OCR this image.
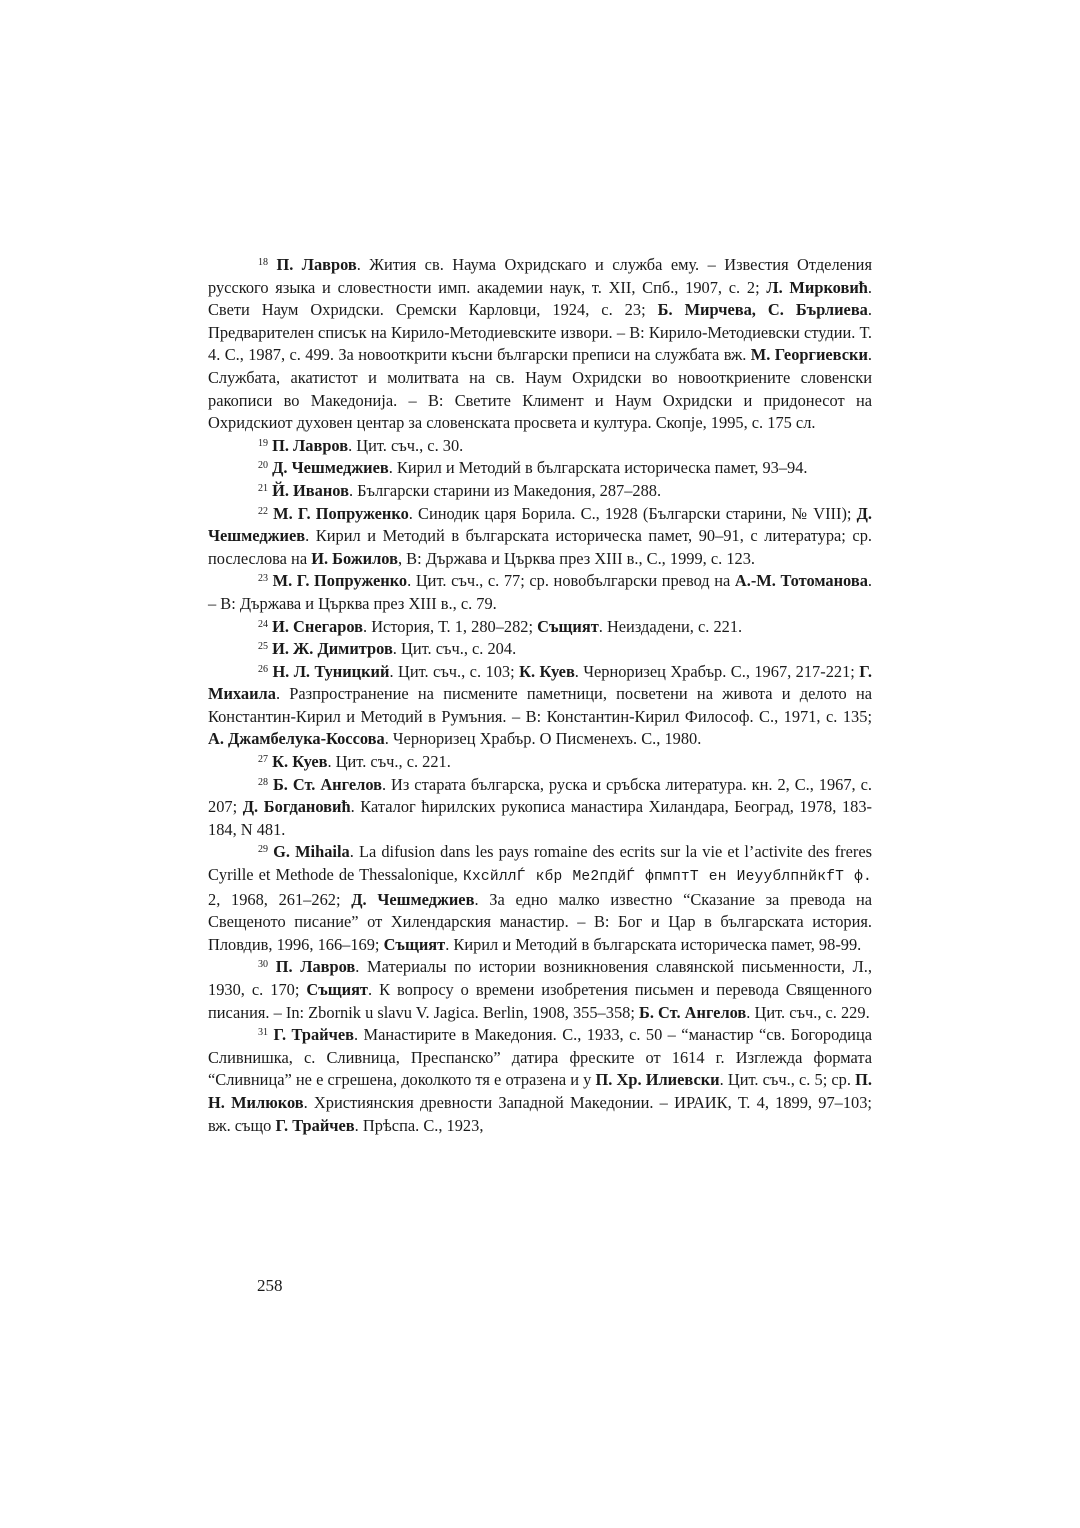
$^{18}$ П. Лавров. Жития св. Наума Охридскаго и служба ему. – Известия Отделения русского языка и словестности имп. академии наук, т. XII, Спб., 1907, с. 2; Л. Мирковић. Свети Наум Охридски. Сремски Карловци, 1924, с. 23; Б. Мирчева, С. Бърлиева. Предварителен списък на Кирило-Методиевските извори. – В: Кирило-Методиевски студии. Т. 4. С., 1987, с. 499. За новооткрити късни български преписи на службата вж. М. Георгиевски. Службата, акатистот и молитвата на св. Наум Охридски во новооткриените словенски ракописи во Македонија. – В: Светите Климент и Наум Охридски и придонесот на Охридскиот духовен центар за словенската просвета и култура. Скопје, 1995, с. 175 сл.

$^{19}$ П. Лавров. Цит. съч., с. 30.

$^{20}$ Д. Чешмеджиев. Кирил и Методий в българската историческа памет, 93–94.

$^{21}$ Й. Иванов. Български старини из Македония, 287–288.

$^{22}$ М. Г. Попруженко. Синодик царя Борила. С., 1928 (Български старини, № VIII); Д. Чешмеджиев. Кирил и Методий в българската историческа памет, 90–91, с литература; ср. послеслова на И. Божилов, В: Държава и Църква през XIII в., С., 1999, с. 123.

$^{23}$ М. Г. Попруженко. Цит. съч., с. 77; ср. новобългарски превод на А.-М. Тотоманова. – В: Държава и Църква през XIII в., с. 79.

$^{24}$ И. Снегаров. История, Т. 1, 280–282; Същият. Неиздадени, с. 221.

$^{25}$ И. Ж. Димитров. Цит. съч., с. 204.

$^{26}$ Н. Л. Туницкий. Цит. съч., с. 103; К. Куев. Черноризец Храбър. С., 1967, 217-221; Г. Михаила. Разпространение на писмените паметници, посветени на живота и делото на Константин-Кирил и Методий в Румъния. – В: Константин-Кирил Философ. С., 1971, с. 135; А. Джамбелука-Коссова. Черноризец Храбър. О Писменехъ. С., 1980.

$^{27}$ К. Куев. Цит. съч., с. 221.

$^{28}$ Б. Ст. Ангелов. Из старата българска, руска и сръбска литература. кн. 2, С., 1967, с. 207; Д. Богдановић. Каталог ћирилских рукописа манастира Хиландара, Београд, 1978, 183-184, N 481.

$^{29}$ G. Mihaila. La difusion dans les pays romaine des ecrits sur la vie et l’activite des freres Cyrille et Methode de Thessalonique, КхсйллЃ кбр Ме2пдйЃ фпмптТ ен ИеуублпнйкfТ ф. 2, 1968, 261–262; Д. Чешмеджиев. За едно малко известно “Сказание за превода на Свещеното писание” от Хилендарския манастир. – В: Бог и Цар в българската история. Пловдив, 1996, 166–169; Същият. Кирил и Методий в българската историческа памет, 98-99.

$^{30}$ П. Лавров. Материалы по истории возникновения славянской письменности, Л., 1930, с. 170; Същият. К вопросу о времени изобретения письмен и перевода Священного писания. – In: Zbornik u slavu V. Jagica. Berlin, 1908, 355–358; Б. Ст. Ангелов. Цит. съч., с. 229.

$^{31}$ Г. Трайчев. Манастирите в Македония. С., 1933, с. 50 – “манастир “св. Богородица Сливнишка, с. Сливница, Преспанско” датира фреските от 1614 г. Изглежда формата “Сливница” не е сгрешена, доколкото тя е отразена и у П. Хр. Илиевски. Цит. съч., с. 5; ср. П. Н. Милюков. Християнския древности Западной Македонии. – ИРАИК, Т. 4, 1899, 97–103; вж. също Г. Трайчев. Прѣспа. С., 1923,

258
